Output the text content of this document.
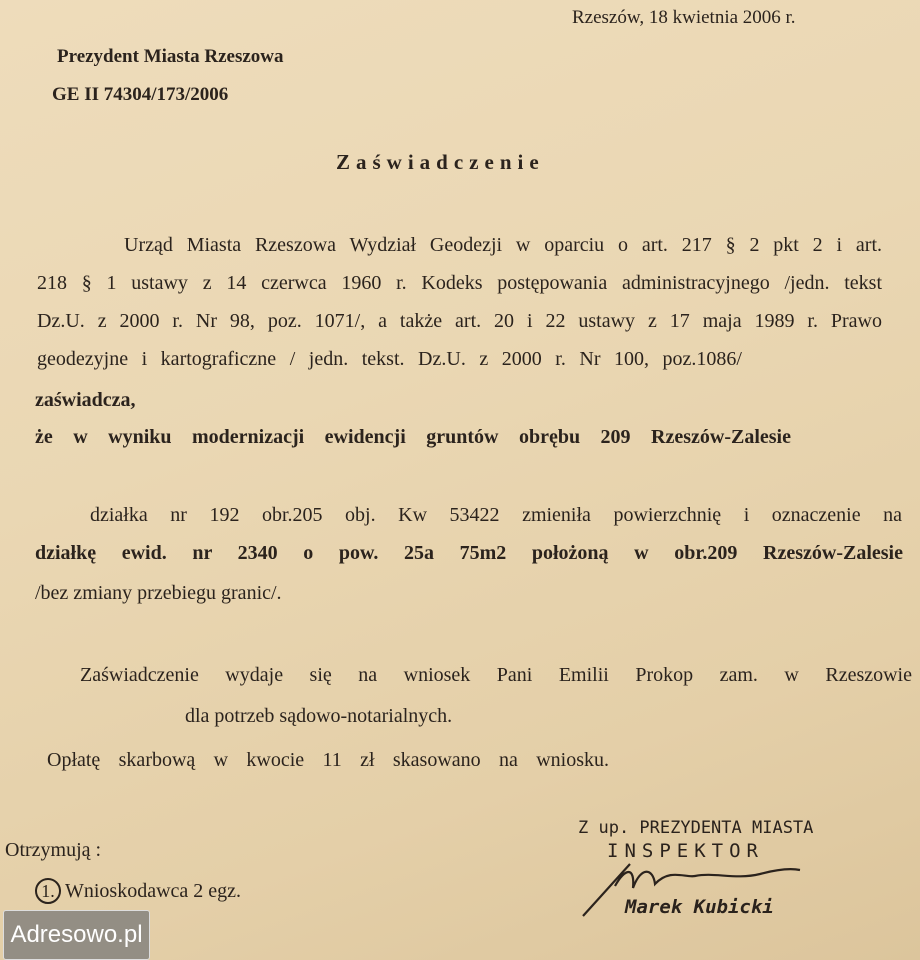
Rzeszów, 18 kwietnia 2006 r.
Prezydent Miasta Rzeszowa
GE II 74304/173/2006
Zaświadczenie
Urząd Miasta Rzeszowa Wydział Geodezji w oparciu o art. 217 § 2 pkt 2 i art.
218 § 1 ustawy z 14 czerwca 1960 r. Kodeks postępowania administracyjnego /jedn. tekst
Dz.U. z 2000 r. Nr 98, poz. 1071/, a także art. 20 i 22 ustawy z 17 maja 1989 r. Prawo
geodezyjne i kartograficzne / jedn. tekst. Dz.U. z 2000 r. Nr 100, poz.1086/
zaświadcza,
że w wyniku modernizacji ewidencji gruntów obrębu 209 Rzeszów-Zalesie
działka nr 192 obr.205 obj. Kw 53422 zmieniła powierzchnię i oznaczenie na
działkę ewid. nr 2340 o pow. 25a 75m2 położoną w obr.209 Rzeszów-Zalesie
/bez zmiany przebiegu granic/.
Zaświadczenie wydaje się na wniosek Pani Emilii Prokop zam. w Rzeszowie
dla potrzeb sądowo-notarialnych.
Opłatę skarbową w kwocie 11 zł skasowano na wniosku.
Otrzymują :
1. Wnioskodawca 2 egz.
Z up. PREZYDENTA MIASTA
INSPEKTOR
Marek Kubicki
Adresowo.pl
